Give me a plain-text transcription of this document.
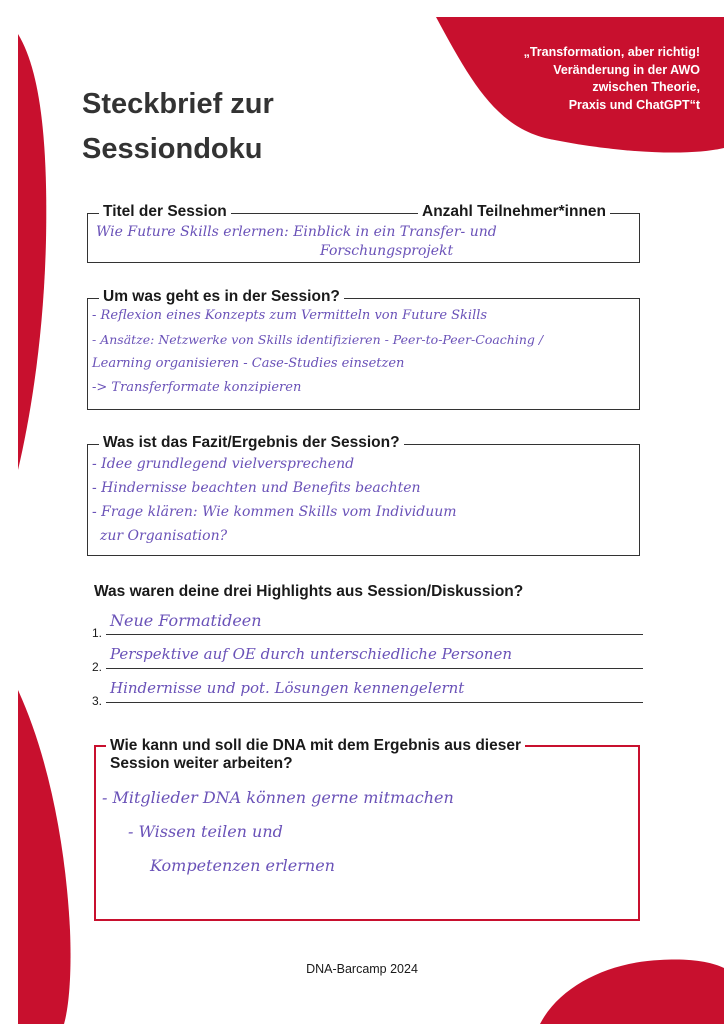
„Transformation, aber richtig!
Veränderung in der AWO
zwischen Theorie,
Praxis und ChatGPT“t
Steckbrief zur
Sessiondoku
Titel der Session	Anzahl Teilnehmer*innen
Wie Future Skills erlernen: Einblick in ein Transfer- und
Forschungsprojekt
Um was geht es in der Session?
- Reflexion eines Konzepts zum Vermitteln von Future Skills
- Ansätze: Netzwerke von Skills identifizieren - Peer-to-Peer-Coaching /
Learning organisieren - Case-Studies einsetzen
-> Transferformate konzipieren
Was ist das Fazit/Ergebnis der Session?
- Idee grundlegend vielversprechend
- Hindernisse beachten und Benefits beachten
- Frage klären: Wie kommen Skills vom Individuum
zur Organisation?
Was waren deine drei Highlights aus Session/Diskussion?
1.
2.
3.
Neue Formatideen
Perspektive auf OE durch unterschiedliche Personen
Hindernisse und pot. Lösungen kennengelernt
Wie kann und soll die DNA mit dem Ergebnis aus dieser
Session weiter arbeiten?
- Mitglieder DNA können gerne mitmachen
- Wissen teilen und
Kompetenzen erlernen
DNA-Barcamp 2024
